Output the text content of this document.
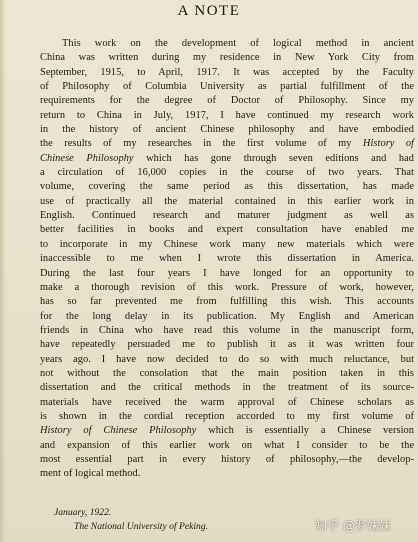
A NOTE
This work on the development of logical method in ancient
China was written during my residence in New York City from
September, 1915, to April, 1917. It was accepted by the Faculty
of Philosophy of Columbia University as partial fulfillment of the
requirements for the degree of Doctor of Philosophy. Since my
return to China in July, 1917, I have continued my research work
in the history of ancient Chinese philosophy and have embodied
the results of my researches in the first volume of my History of
Chinese Philosophy which has gone through seven editions and had
a circulation of 16,000 copies in the course of two years. That
volume, covering the same period as this dissertation, has made
use of practically all the material contained in this earlier work in
English. Continued research and maturer judgment as well as
better facilities in books and expert consultation have enabled me
to incorporate in my Chinese work many new materials which were
inaccessible to me when I wrote this dissertation in America.
During the last four years I have longed for an opportunity to
make a thorough revision of this work. Pressure of work, however,
has so far prevented me from fulfilling this wish. This accounts
for the long delay in its publication. My English and American
friends in China who have read this volume in the manuscript form,
have repeatedly persuaded me to publish it as it was written four
years ago. I have now decided to do so with much reluctance, but
not without the consolation that the main position taken in this
dissertation and the critical methods in the treatment of its source-
materials have received the warm approval of Chinese scholars as
is shown in the cordial reception accorded to my first volume of
History of Chinese Philosophy which is essentially a Chinese version
and expansion of this earlier work on what I consider to be the
most essential part in every history of philosophy,—the develop-
ment of logical method.
January, 1922.
The National University of Peking.	知乎 @罗妹妹
